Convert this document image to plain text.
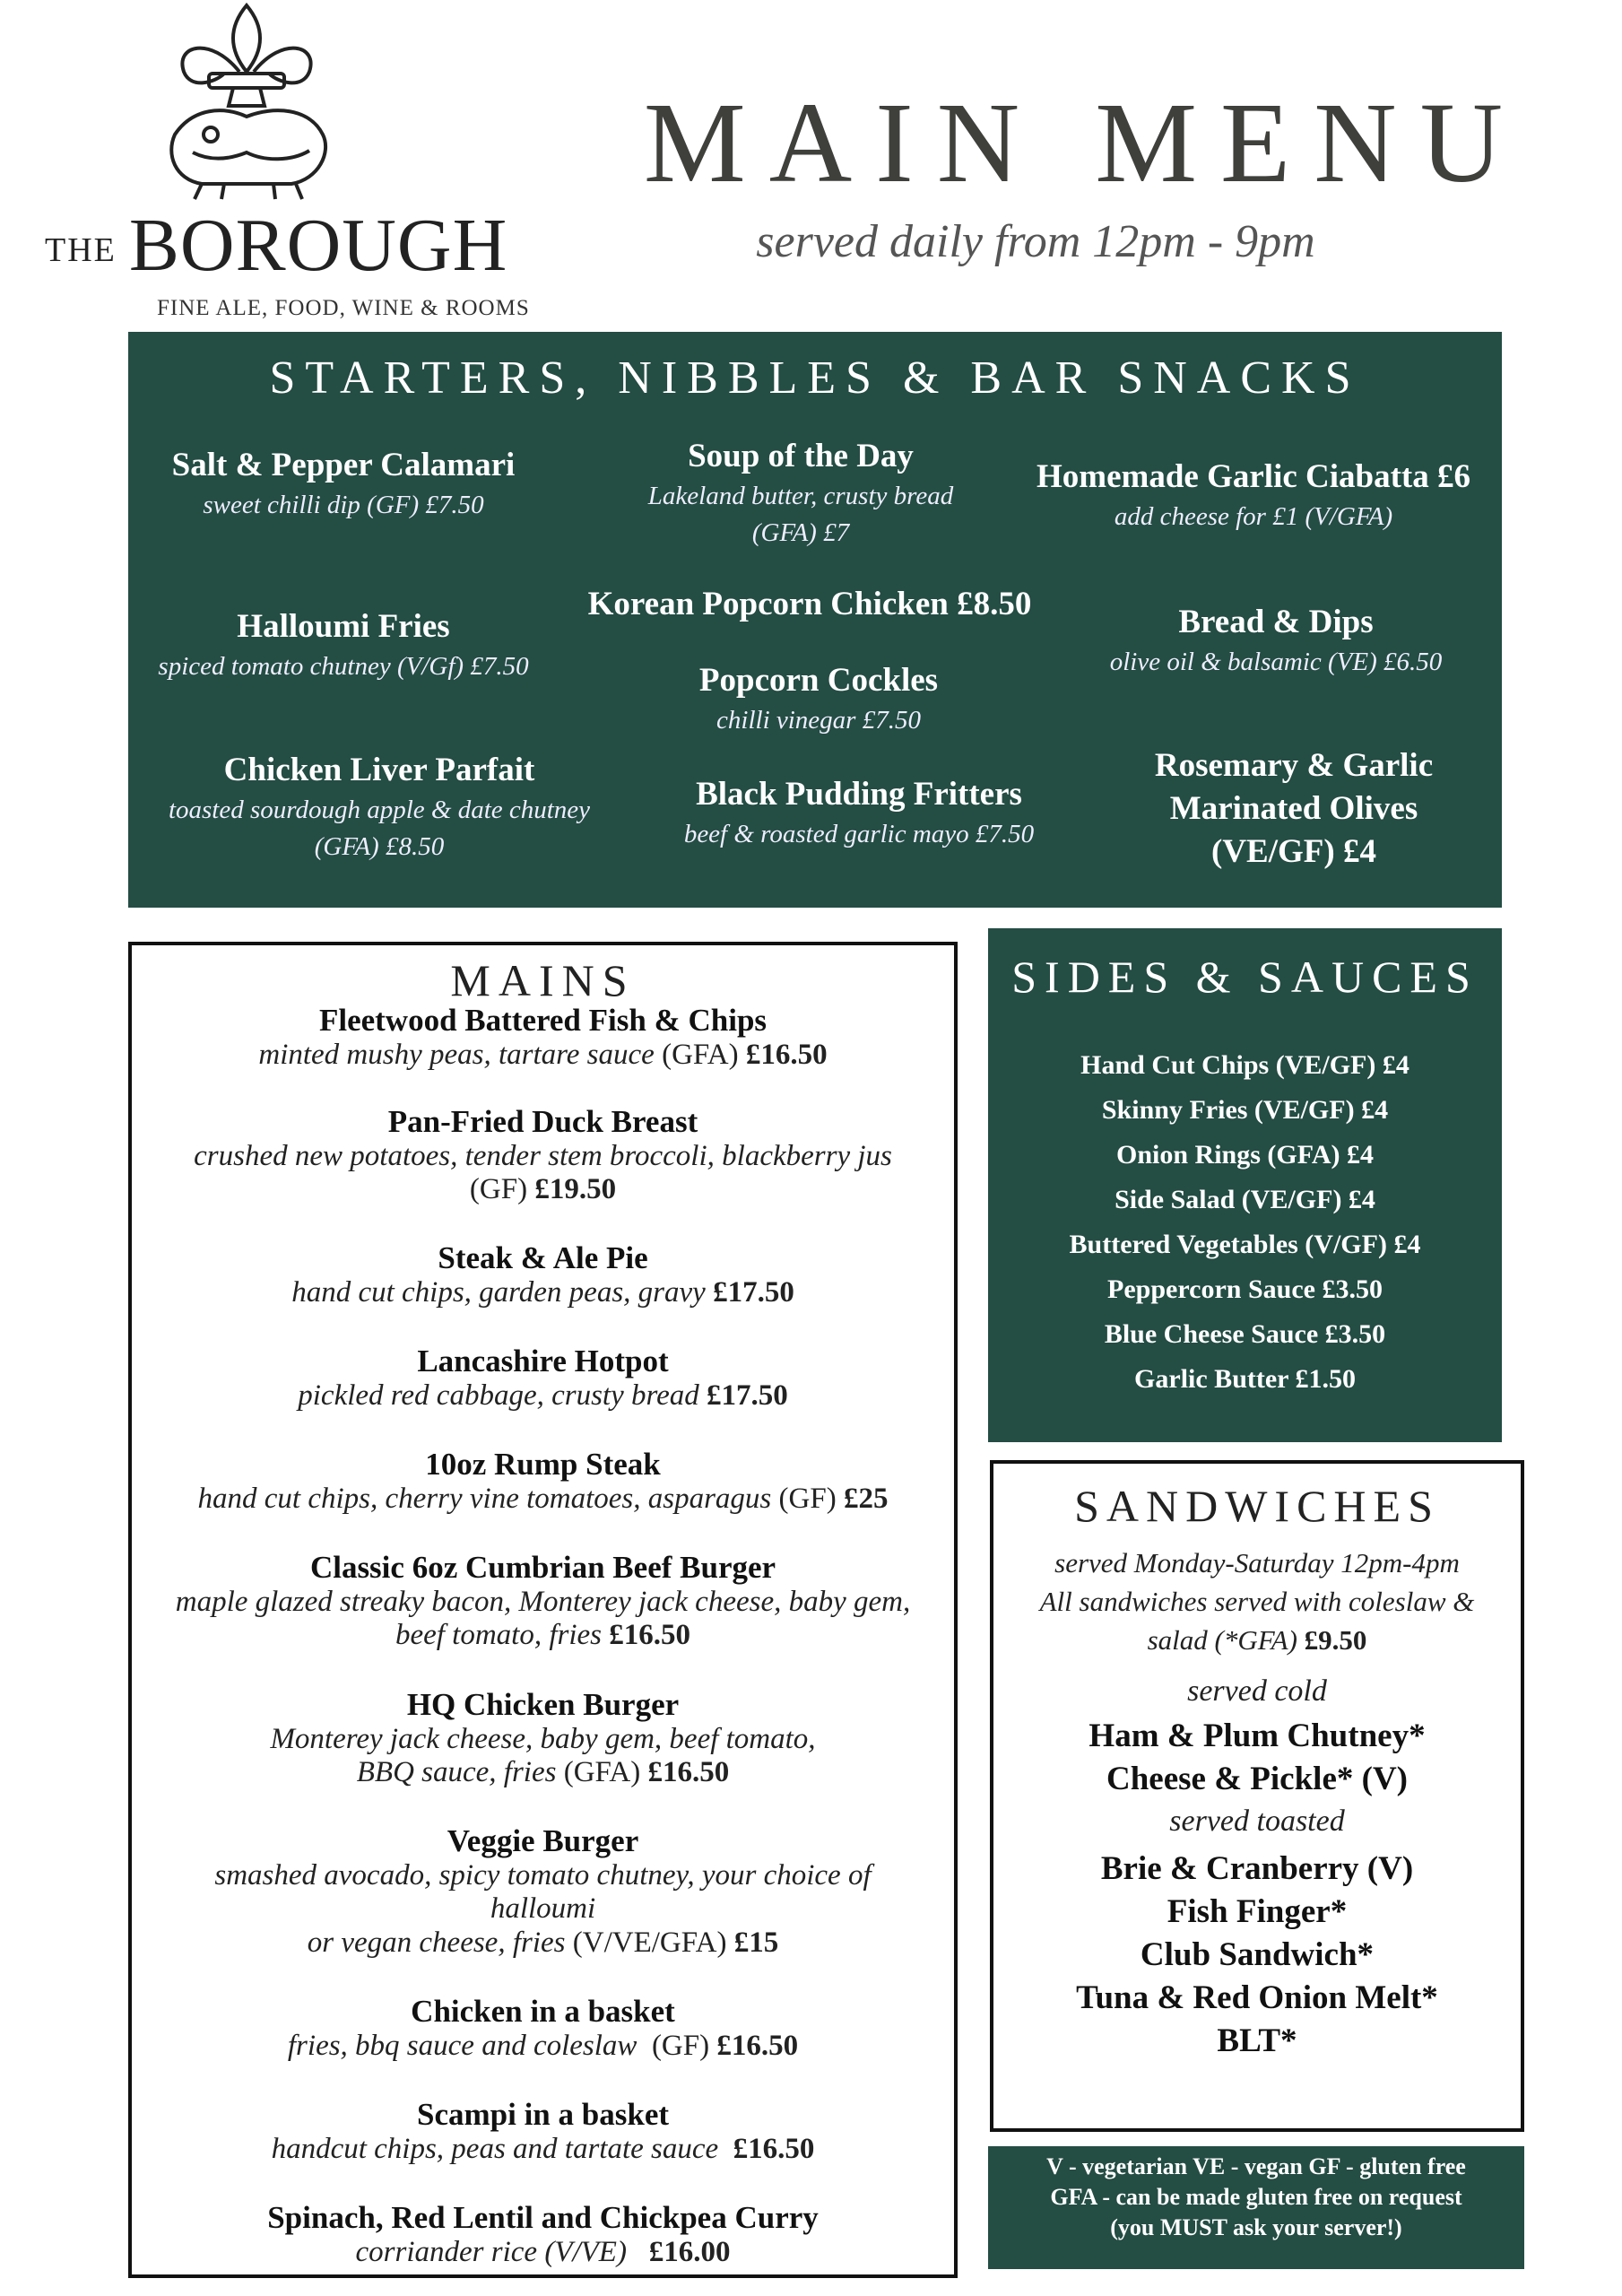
THE BOROUGH
FINE ALE, FOOD, WINE & ROOMS
MAIN MENU
served daily from 12pm - 9pm
STARTERS, NIBBLES & BAR SNACKS
Salt & Pepper Calamari
sweet chilli dip (GF) £7.50
Soup of the Day
Lakeland butter, crusty bread
(GFA) £7
Homemade Garlic Ciabatta £6
add cheese for £1 (V/GFA)
Korean Popcorn Chicken £8.50
Halloumi Fries
spiced tomato chutney (V/Gf) £7.50	Popcorn Cockles
chilli vinegar £7.50
Bread & Dips
olive oil & balsamic (VE) £6.50
Chicken Liver Parfait
toasted sourdough apple & date chutney
(GFA) £8.50
Black Pudding Fritters
beef & roasted garlic mayo £7.50
Rosemary & Garlic
Marinated Olives
(VE/GF) £4
MAINS
Fleetwood Battered Fish & Chips
minted mushy peas, tartare sauce (GFA) £16.50
Pan-Fried Duck Breast
crushed new potatoes, tender stem broccoli, blackberry jus
(GF) £19.50
Steak & Ale Pie
hand cut chips, garden peas, gravy £17.50
Lancashire Hotpot
pickled red cabbage, crusty bread £17.50
10oz Rump Steak
hand cut chips, cherry vine tomatoes, asparagus (GF) £25
Classic 6oz Cumbrian Beef Burger
maple glazed streaky bacon, Monterey jack cheese, baby gem,
beef tomato, fries £16.50
HQ Chicken Burger
Monterey jack cheese, baby gem, beef tomato,
BBQ sauce, fries (GFA) £16.50
Veggie Burger
smashed avocado, spicy tomato chutney, your choice of
halloumi
or vegan cheese, fries (V/VE/GFA) £15
Chicken in a basket
fries, bbq sauce and coleslaw  (GF) £16.50
Scampi in a basket
handcut chips, peas and tartate sauce £16.50
Spinach, Red Lentil and Chickpea Curry
corriander rice (V/VE) £16.00
SIDES & SAUCES
Hand Cut Chips (VE/GF) £4
Skinny Fries (VE/GF) £4
Onion Rings (GFA) £4
Side Salad (VE/GF) £4
Buttered Vegetables (V/GF) £4
Peppercorn Sauce £3.50
Blue Cheese Sauce £3.50
Garlic Butter £1.50
SANDWICHES
served Monday-Saturday 12pm-4pm
All sandwiches served with coleslaw &
salad (*GFA) £9.50
served cold
Ham & Plum Chutney*
Cheese & Pickle* (V)
served toasted
Brie & Cranberry (V)
Fish Finger*
Club Sandwich*
Tuna & Red Onion Melt*
BLT*
V - vegetarian VE - vegan GF - gluten free
GFA - can be made gluten free on request
(you MUST ask your server!)
